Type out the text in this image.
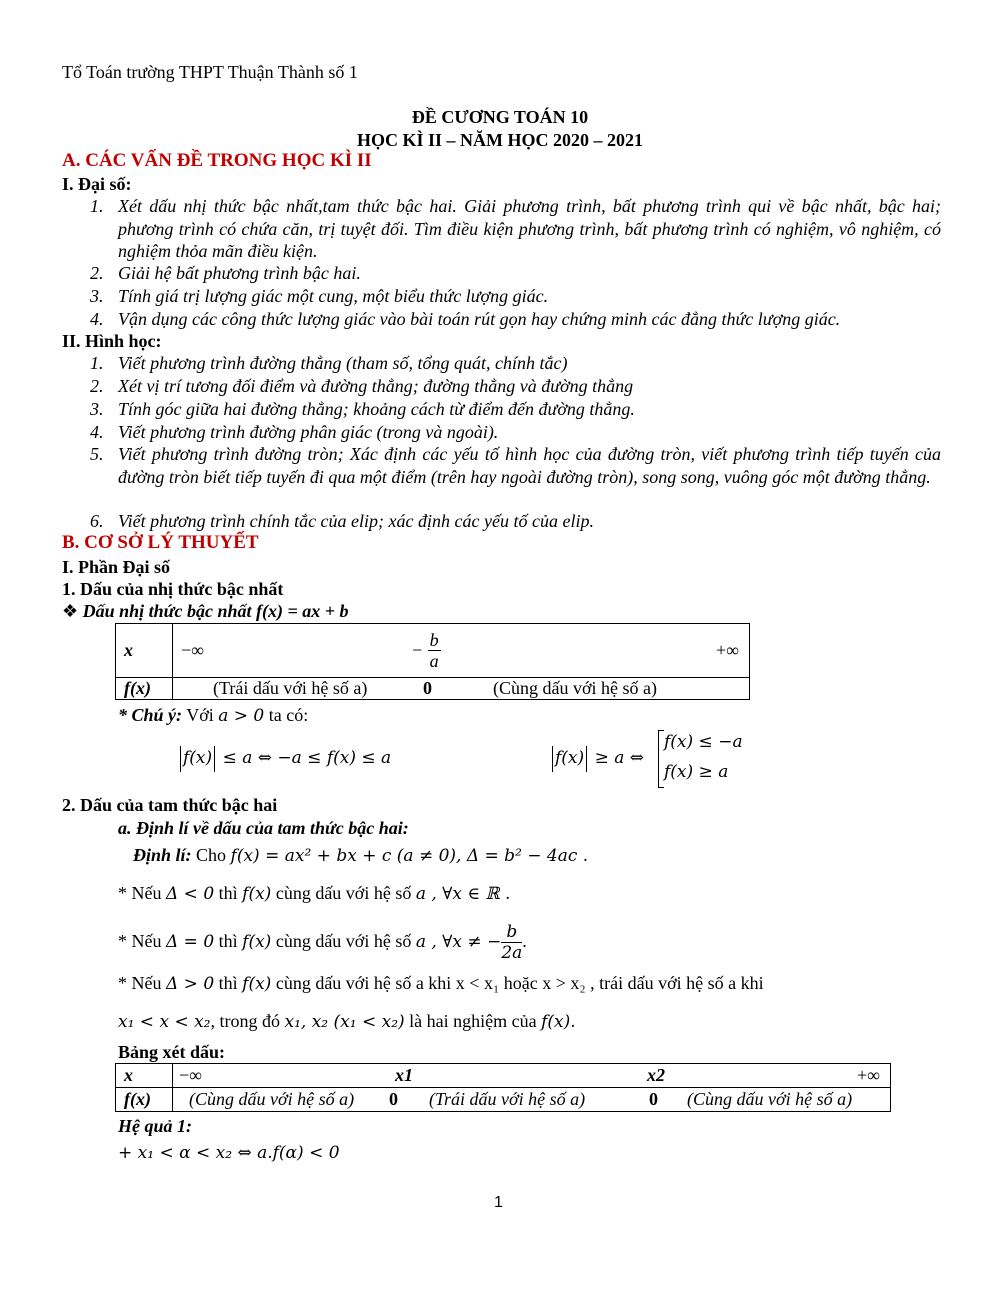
Tổ Toán trường THPT Thuận Thành số 1
ĐỀ CƯƠNG TOÁN 10
HỌC KÌ II – NĂM HỌC 2020 – 2021
A. CÁC VẤN ĐỀ TRONG HỌC KÌ II
I. Đại số:
1. Xét dấu nhị thức bậc nhất,tam thức bậc hai. Giải phương trình, bất phương trình qui về bậc nhất, bậc hai; phương trình có chứa căn, trị tuyệt đối. Tìm điều kiện phương trình, bất phương trình có nghiệm, vô nghiệm, có nghiệm thỏa mãn điều kiện.
2. Giải hệ bất phương trình bậc hai.
3. Tính giá trị lượng giác một cung, một biểu thức lượng giác.
4. Vận dụng các công thức lượng giác vào bài toán rút gọn hay chứng minh các đẳng thức lượng giác.
II. Hình học:
1. Viết phương trình đường thẳng (tham số, tổng quát, chính tắc)
2. Xét vị trí tương đối điểm và đường thẳng; đường thẳng và đường thẳng
3. Tính góc giữa hai đường thẳng; khoảng cách từ điểm đến đường thẳng.
4. Viết phương trình đường phân giác (trong và ngoài).
5. Viết phương trình đường tròn; Xác định các yếu tố hình học của đường tròn, viết phương trình tiếp tuyến của đường tròn biết tiếp tuyến đi qua một điểm (trên hay ngoài đường tròn), song song, vuông góc một đường thẳng.
6. Viết phương trình chính tắc của elip; xác định các yếu tố của elip.
B. CƠ SỞ LÝ THUYẾT
I. Phần Đại số
1. Dấu của nhị thức bậc nhất
❖ Dấu nhị thức bậc nhất f(x) = ax + b
x	−∞ − $\frac{b}{a}$ +∞

f(x)	(Trái dấu với hệ số a) 0 (Cùng dấu với hệ số a)
* Chú ý: Với a > 0 ta có:
f(x) ≤ a ⇔ −a ≤ f(x) ≤ a	f(x) ≥ a ⇔
f(x) ≤ −a
f(x) ≥ a
2. Dấu của tam thức bậc hai
a. Định lí về dấu của tam thức bậc hai:
Định lí: Cho f(x) = ax² + bx + c (a ≠ 0), Δ = b² − 4ac .
* Nếu Δ < 0 thì f(x) cùng dấu với hệ số a , ∀x ∈ ℝ .
* Nếu Δ = 0 thì f(x) cùng dấu với hệ số a , ∀x ≠ − $\frac{b}{2a}$ .
* Nếu Δ > 0 thì f(x) cùng dấu với hệ số a khi x < x₁ hoặc x > x₂ , trái dấu với hệ số a khi
x₁ < x < x₂, trong đó x₁, x₂ (x₁ < x₂) là hai nghiệm của f(x).
Bảng xét dấu:
x	−∞ x1 x2 +∞

f(x)	(Cùng dấu với hệ số a) 0 (Trái dấu với hệ số a) 0 (Cùng dấu với hệ số a)
Hệ quả 1:
+ x₁ < α < x₂ ⇔ a.f(α) < 0
1
